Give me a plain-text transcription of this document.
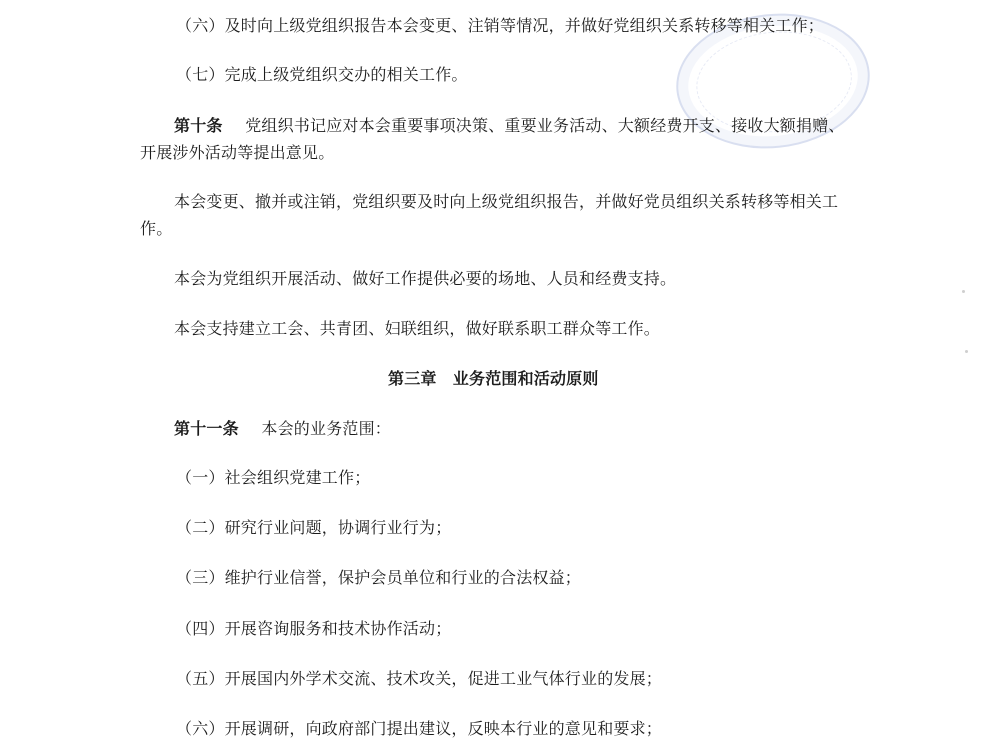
（六）及时向上级党组织报告本会变更、注销等情况，并做好党组织关系转移等相关工作；
（七）完成上级党组织交办的相关工作。
第十条 党组织书记应对本会重要事项决策、重要业务活动、大额经费开支、接收大额捐赠、
开展涉外活动等提出意见。
本会变更、撤并或注销，党组织要及时向上级党组织报告，并做好党员组织关系转移等相关工
作。
本会为党组织开展活动、做好工作提供必要的场地、人员和经费支持。
本会支持建立工会、共青团、妇联组织，做好联系职工群众等工作。
第三章　业务范围和活动原则
第十一条 本会的业务范围：
（一）社会组织党建工作；
（二）研究行业问题，协调行业行为；
（三）维护行业信誉，保护会员单位和行业的合法权益；
（四）开展咨询服务和技术协作活动；
（五）开展国内外学术交流、技术攻关，促进工业气体行业的发展；
（六）开展调研，向政府部门提出建议，反映本行业的意见和要求；
